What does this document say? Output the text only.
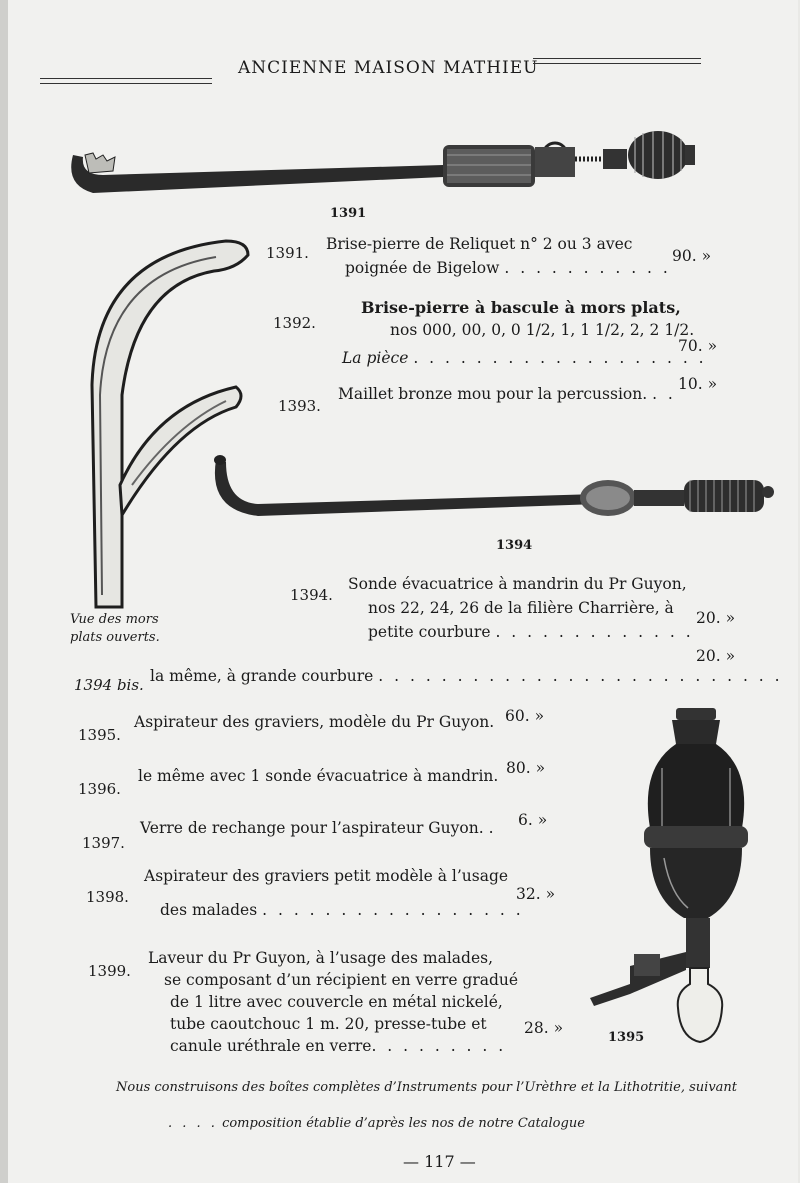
ANCIENNE MAISON MATHIEU
1391
Vue des mors
plats ouverts.
1391. Brise-pierre de Reliquet n° 2 ou 3 avec
poignée de Bigelow . . . . . . . . . . .
90. »
1392.
Brise-pierre à bascule à mors plats,
nos 000, 00, 0, 0 1/2, 1, 1 1/2, 2, 2 1/2.
La pièce . . . . . . . . . . . . . . . . . . .
70. »
1393.
Maillet bronze mou pour la percussion. . .
10. »
1394
1394.
Sonde évacuatrice à mandrin du Pr Guyon,
nos 22, 24, 26 de la filière Charrière, à
petite courbure . . . . . . . . . . . . .
20. »
1394 bis. la même, à grande courbure . . . . . . . . . . . . . . . . . . . . . . . . . .
20. »
1395.
Aspirateur des graviers, modèle du Pr Guyon. 60. »
1396.
le même avec 1 sonde évacuatrice à mandrin. 80. »
1397.
Verre de rechange pour l’aspirateur Guyon. . 6. »
1398.
Aspirateur des graviers petit modèle à l’usage
des malades . . . . . . . . . . . . . . . . .
32. »
1399.
Laveur du Pr Guyon, à l’usage des malades,
se composant d’un récipient en verre gradué
de 1 litre avec couvercle en métal nickelé,
tube caoutchouc 1 m. 20, presse-tube et
canule uréthrale en verre. . . . . . . . .
28. »
1395
Nous construisons des boîtes complètes d’Instruments pour l’Urèthre et la Lithotritie, suivant
. . . . composition établie d’après les nos de notre Catalogue
— 117 —
